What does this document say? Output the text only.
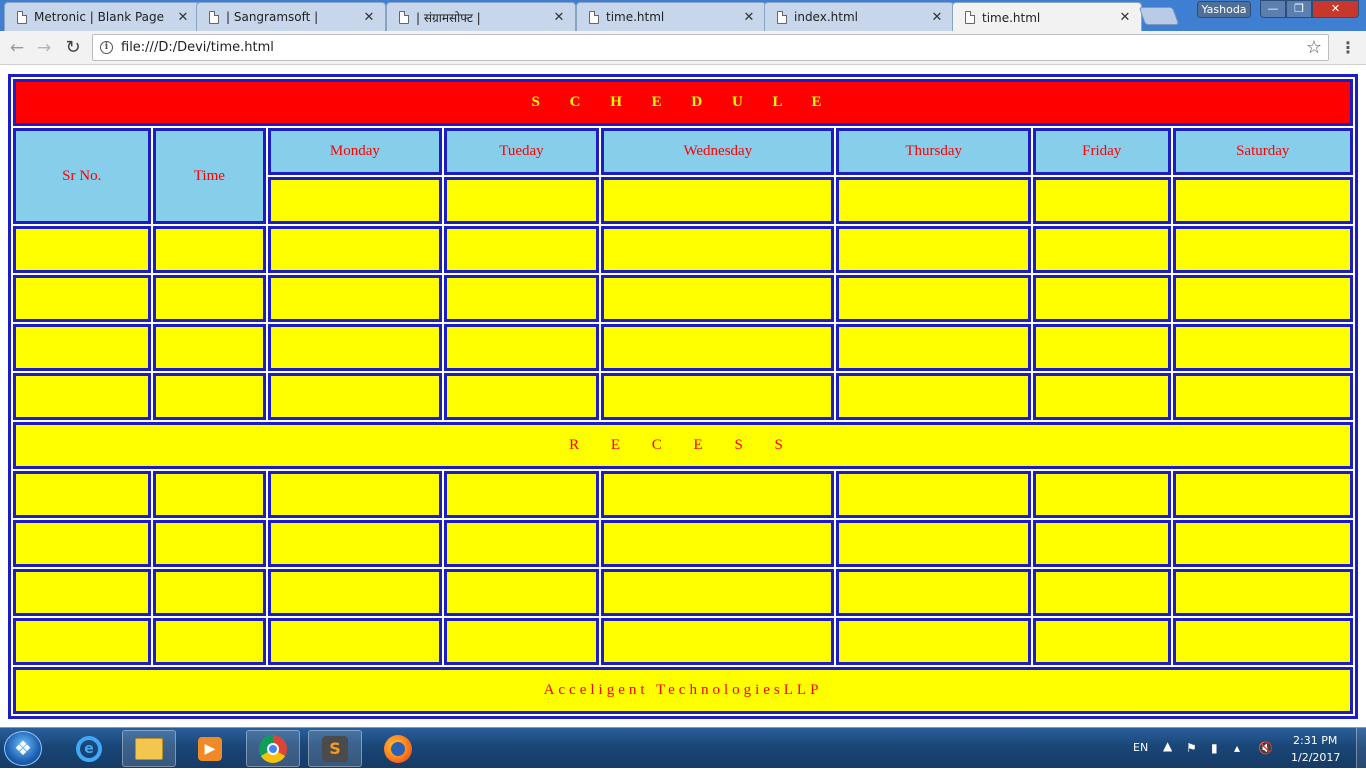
Metronic | Blank Page	✕	| Sangramsoft |	✕	| संग्रामसोफ्ट |	✕	time.html	✕	index.html	✕	time.html	✕
Yashoda	—	❐	✕
← → ↻	i file:///D:/Devi/time.html	☆ ⋮
S C H E D U L E							
Sr No.	Time	Monday	Tueday	Wednesday	Thursday	Friday	Saturday

R E C E S S							

Acceligent TechnologiesLLP							
❖
e	▶	S	EN ▲ ⚑ ▮ ▴ 🔇
2:31 PM
1/2/2017
